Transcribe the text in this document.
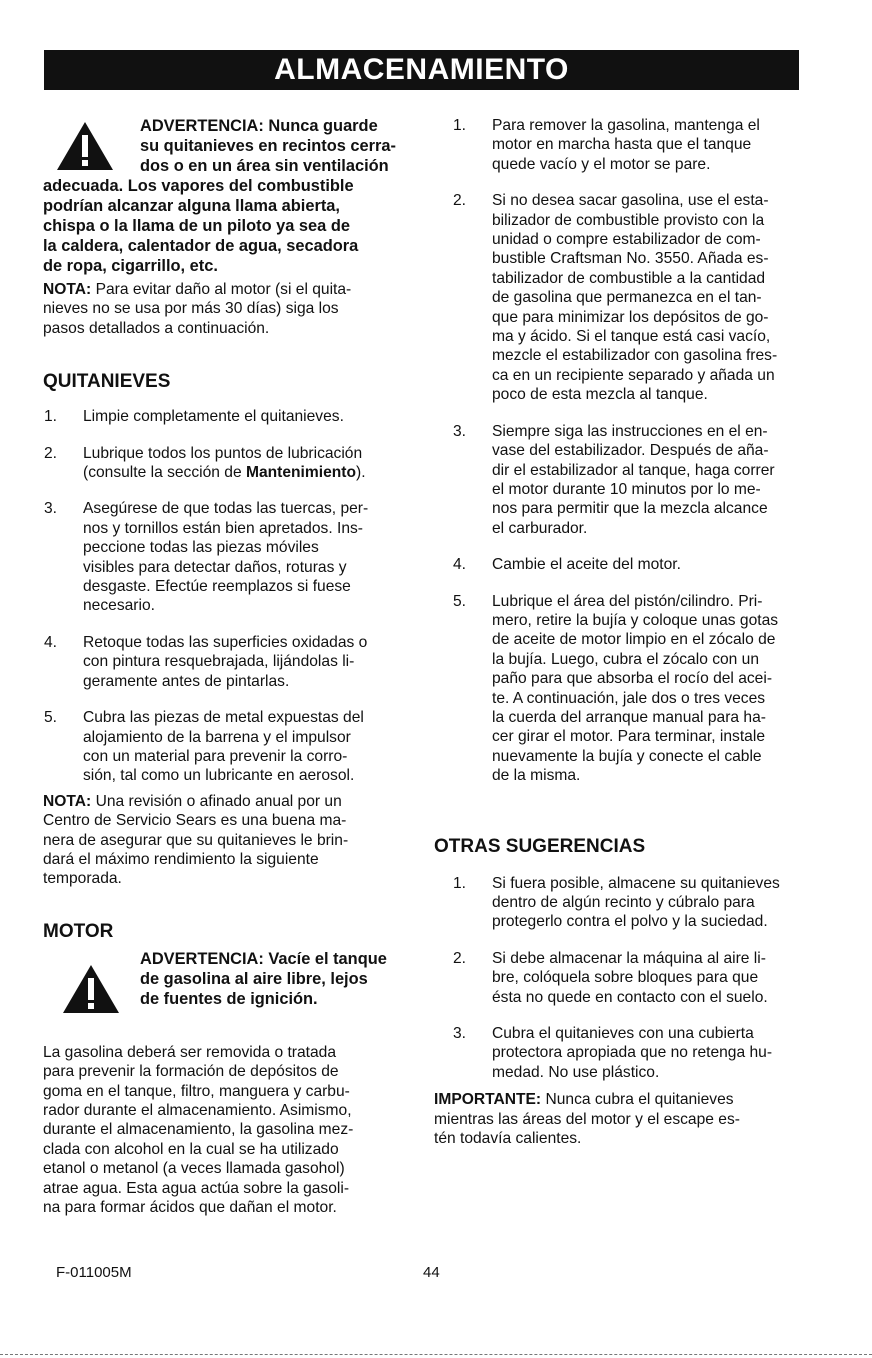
ALMACENAMIENTO
ADVERTENCIA: Nunca guarde
su quitanieves en recintos cerra-
dos o en un área sin ventilación
adecuada. Los vapores del combustible
podrían alcanzar alguna llama abierta,
chispa o la llama de un piloto ya sea de
la caldera, calentador de agua, secadora
de ropa, cigarrillo, etc.
NOTA: Para evitar daño al motor (si el quita-
nieves no se usa por más 30 días) siga los
pasos detallados a continuación.
QUITANIEVES
1. Limpie completamente el quitanieves.
2. Lubrique todos los puntos de lubricación
(consulte la sección de Mantenimiento).
3. Asegúrese de que todas las tuercas, per-
nos y tornillos están bien apretados. Ins-
peccione todas las piezas móviles
visibles para detectar daños, roturas y
desgaste. Efectúe reemplazos si fuese
necesario.
4. Retoque todas las superficies oxidadas o
con pintura resquebrajada, lijándolas li-
geramente antes de pintarlas.
5. Cubra las piezas de metal expuestas del
alojamiento de la barrena y el impulsor
con un material para prevenir la corro-
sión, tal como un lubricante en aerosol.
NOTA: Una revisión o afinado anual por un
Centro de Servicio Sears es una buena ma-
nera de asegurar que su quitanieves le brin-
dará el máximo rendimiento la siguiente
temporada.
MOTOR
ADVERTENCIA: Vacíe el tanque
de gasolina al aire libre, lejos
de fuentes de ignición.
La gasolina deberá ser removida o tratada
para prevenir la formación de depósitos de
goma en el tanque, filtro, manguera y carbu-
rador durante el almacenamiento. Asimismo,
durante el almacenamiento, la gasolina mez-
clada con alcohol en la cual se ha utilizado
etanol o metanol (a veces llamada gasohol)
atrae agua. Esta agua actúa sobre la gasoli-
na para formar ácidos que dañan el motor.
1. Para remover la gasolina, mantenga el
motor en marcha hasta que el tanque
quede vacío y el motor se pare.
2. Si no desea sacar gasolina, use el esta-
bilizador de combustible provisto con la
unidad o compre estabilizador de com-
bustible Craftsman No. 3550. Añada es-
tabilizador de combustible a la cantidad
de gasolina que permanezca en el tan-
que para minimizar los depósitos de go-
ma y ácido. Si el tanque está casi vacío,
mezcle el estabilizador con gasolina fres-
ca en un recipiente separado y añada un
poco de esta mezcla al tanque.
3. Siempre siga las instrucciones en el en-
vase del estabilizador. Después de aña-
dir el estabilizador al tanque, haga correr
el motor durante 10 minutos por lo me-
nos para permitir que la mezcla alcance
el carburador.
4. Cambie el aceite del motor.
5. Lubrique el área del pistón/cilindro. Pri-
mero, retire la bujía y coloque unas gotas
de aceite de motor limpio en el zócalo de
la bujía. Luego, cubra el zócalo con un
paño para que absorba el rocío del acei-
te. A continuación, jale dos o tres veces
la cuerda del arranque manual para ha-
cer girar el motor. Para terminar, instale
nuevamente la bujía y conecte el cable
de la misma.
OTRAS SUGERENCIAS
1. Si fuera posible, almacene su quitanieves
dentro de algún recinto y cúbralo para
protegerlo contra el polvo y la suciedad.
2. Si debe almacenar la máquina al aire li-
bre, colóquela sobre bloques para que
ésta no quede en contacto con el suelo.
3. Cubra el quitanieves con una cubierta
protectora apropiada que no retenga hu-
medad. No use plástico.
IMPORTANTE: Nunca cubra el quitanieves
mientras las áreas del motor y el escape es-
tén todavía calientes.
F-011005M	44
